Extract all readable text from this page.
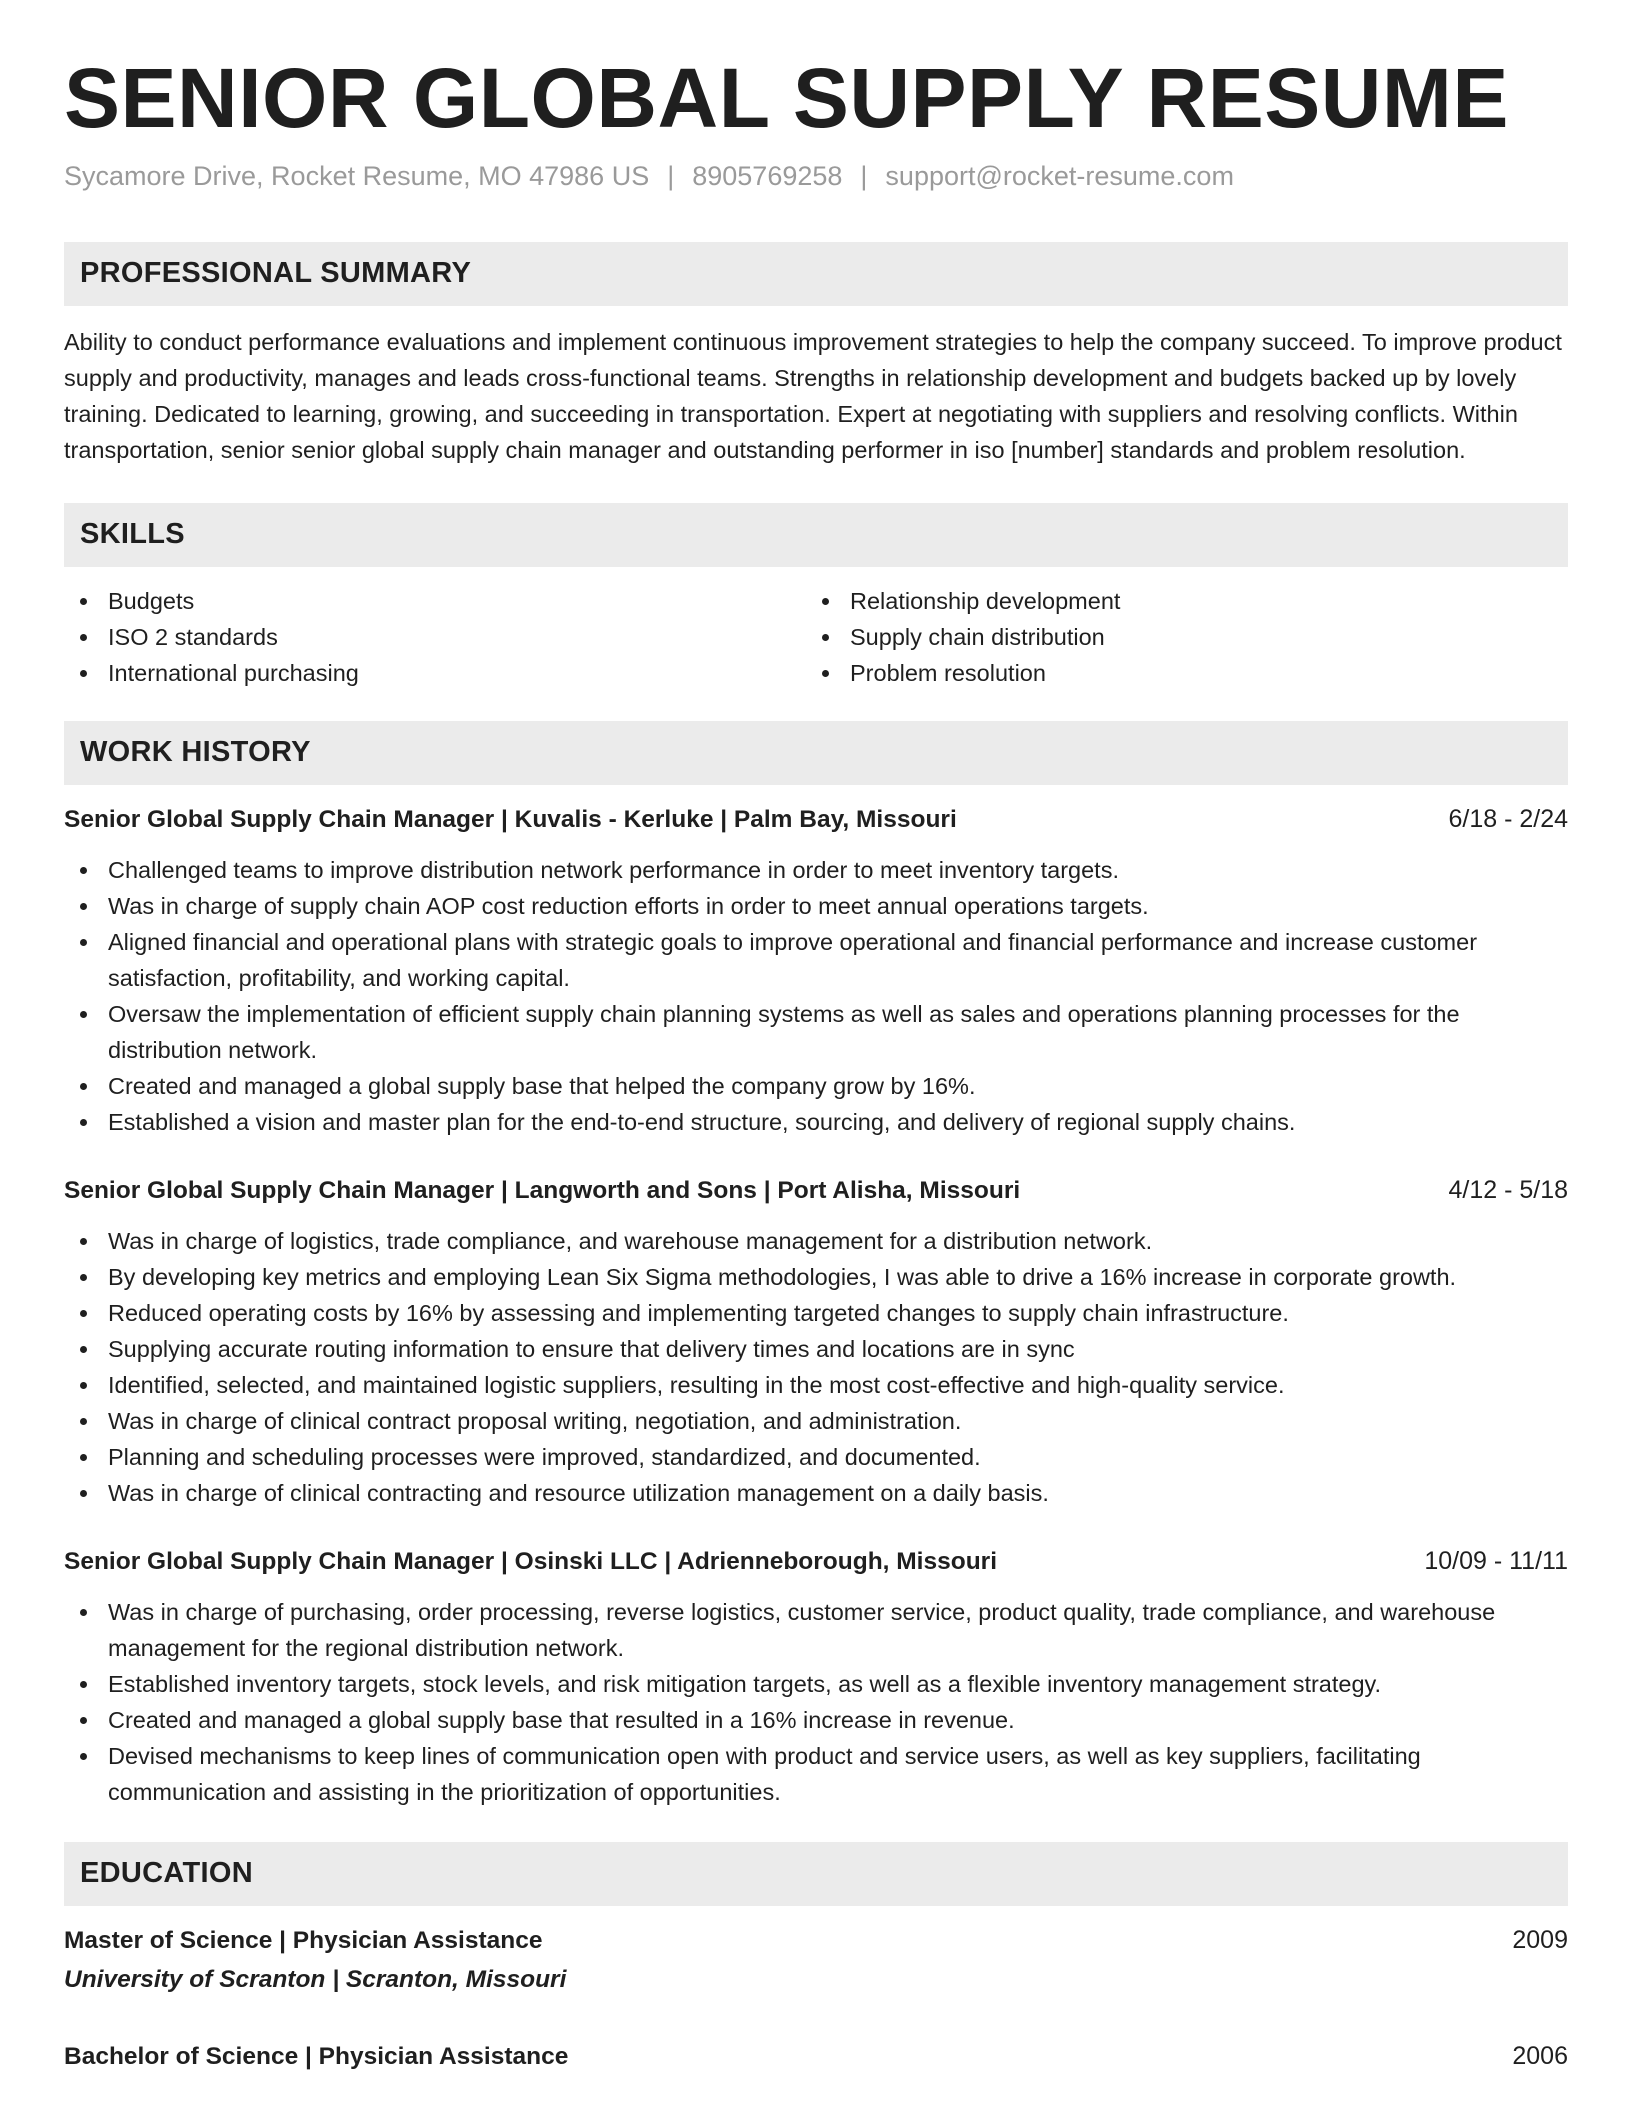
SENIOR GLOBAL SUPPLY RESUME
Sycamore Drive, Rocket Resume, MO 47986 US | 8905769258 | support@rocket-resume.com
PROFESSIONAL SUMMARY

Ability to conduct performance evaluations and implement continuous improvement strategies to help the company succeed. To improve product supply and productivity, manages and leads cross-functional teams. Strengths in relationship development and budgets backed up by lovely training. Dedicated to learning, growing, and succeeding in transportation. Expert at negotiating with suppliers and resolving conflicts. Within transportation, senior senior global supply chain manager and outstanding performer in iso [number] standards and problem resolution.

SKILLS
Budgets
ISO 2 standards
International purchasing
Relationship development
Supply chain distribution
Problem resolution
WORK HISTORY
Senior Global Supply Chain Manager | Kuvalis - Kerluke | Palm Bay, Missouri	6/18 - 2/24
Challenged teams to improve distribution network performance in order to meet inventory targets.
Was in charge of supply chain AOP cost reduction efforts in order to meet annual operations targets.
Aligned financial and operational plans with strategic goals to improve operational and financial performance and increase customer satisfaction, profitability, and working capital.
Oversaw the implementation of efficient supply chain planning systems as well as sales and operations planning processes for the distribution network.
Created and managed a global supply base that helped the company grow by 16%.
Established a vision and master plan for the end-to-end structure, sourcing, and delivery of regional supply chains.
Senior Global Supply Chain Manager | Langworth and Sons | Port Alisha, Missouri	4/12 - 5/18
Was in charge of logistics, trade compliance, and warehouse management for a distribution network.
By developing key metrics and employing Lean Six Sigma methodologies, I was able to drive a 16% increase in corporate growth.
Reduced operating costs by 16% by assessing and implementing targeted changes to supply chain infrastructure.
Supplying accurate routing information to ensure that delivery times and locations are in sync
Identified, selected, and maintained logistic suppliers, resulting in the most cost-effective and high-quality service.
Was in charge of clinical contract proposal writing, negotiation, and administration.
Planning and scheduling processes were improved, standardized, and documented.
Was in charge of clinical contracting and resource utilization management on a daily basis.
Senior Global Supply Chain Manager | Osinski LLC | Adrienneborough, Missouri	10/09 - 11/11
Was in charge of purchasing, order processing, reverse logistics, customer service, product quality, trade compliance, and warehouse management for the regional distribution network.
Established inventory targets, stock levels, and risk mitigation targets, as well as a flexible inventory management strategy.
Created and managed a global supply base that resulted in a 16% increase in revenue.
Devised mechanisms to keep lines of communication open with product and service users, as well as key suppliers, facilitating communication and assisting in the prioritization of opportunities.
EDUCATION
Master of Science | Physician Assistance	2009
University of Scranton | Scranton, Missouri
Bachelor of Science | Physician Assistance	2006
